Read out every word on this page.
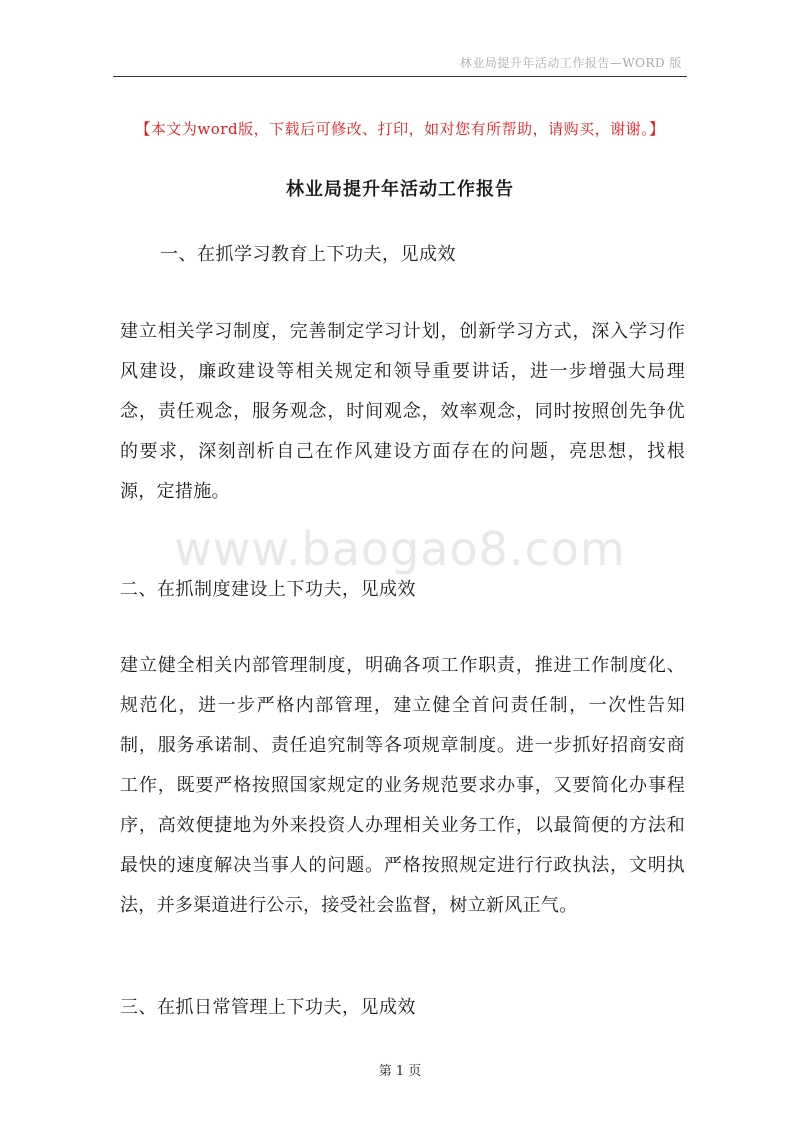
林业局提升年活动工作报告—WORD 版
【本文为word版，下载后可修改、打印，如对您有所帮助，请购买，谢谢。】
林业局提升年活动工作报告
一、在抓学习教育上下功夫，见成效
建立相关学习制度，完善制定学习计划，创新学习方式，深入学习作风建设，廉政建设等相关规定和领导重要讲话，进一步增强大局理念，责任观念，服务观念，时间观念，效率观念，同时按照创先争优的要求，深刻剖析自己在作风建设方面存在的问题，亮思想，找根源，定措施。
www.baogao8.com
二、在抓制度建设上下功夫，见成效
建立健全相关内部管理制度，明确各项工作职责，推进工作制度化、规范化，进一步严格内部管理，建立健全首问责任制，一次性告知制，服务承诺制、责任追究制等各项规章制度。进一步抓好招商安商工作，既要严格按照国家规定的业务规范要求办事，又要简化办事程序，高效便捷地为外来投资人办理相关业务工作，以最简便的方法和最快的速度解决当事人的问题。严格按照规定进行行政执法，文明执法，并多渠道进行公示，接受社会监督，树立新风正气。
三、在抓日常管理上下功夫，见成效
第 1 页
